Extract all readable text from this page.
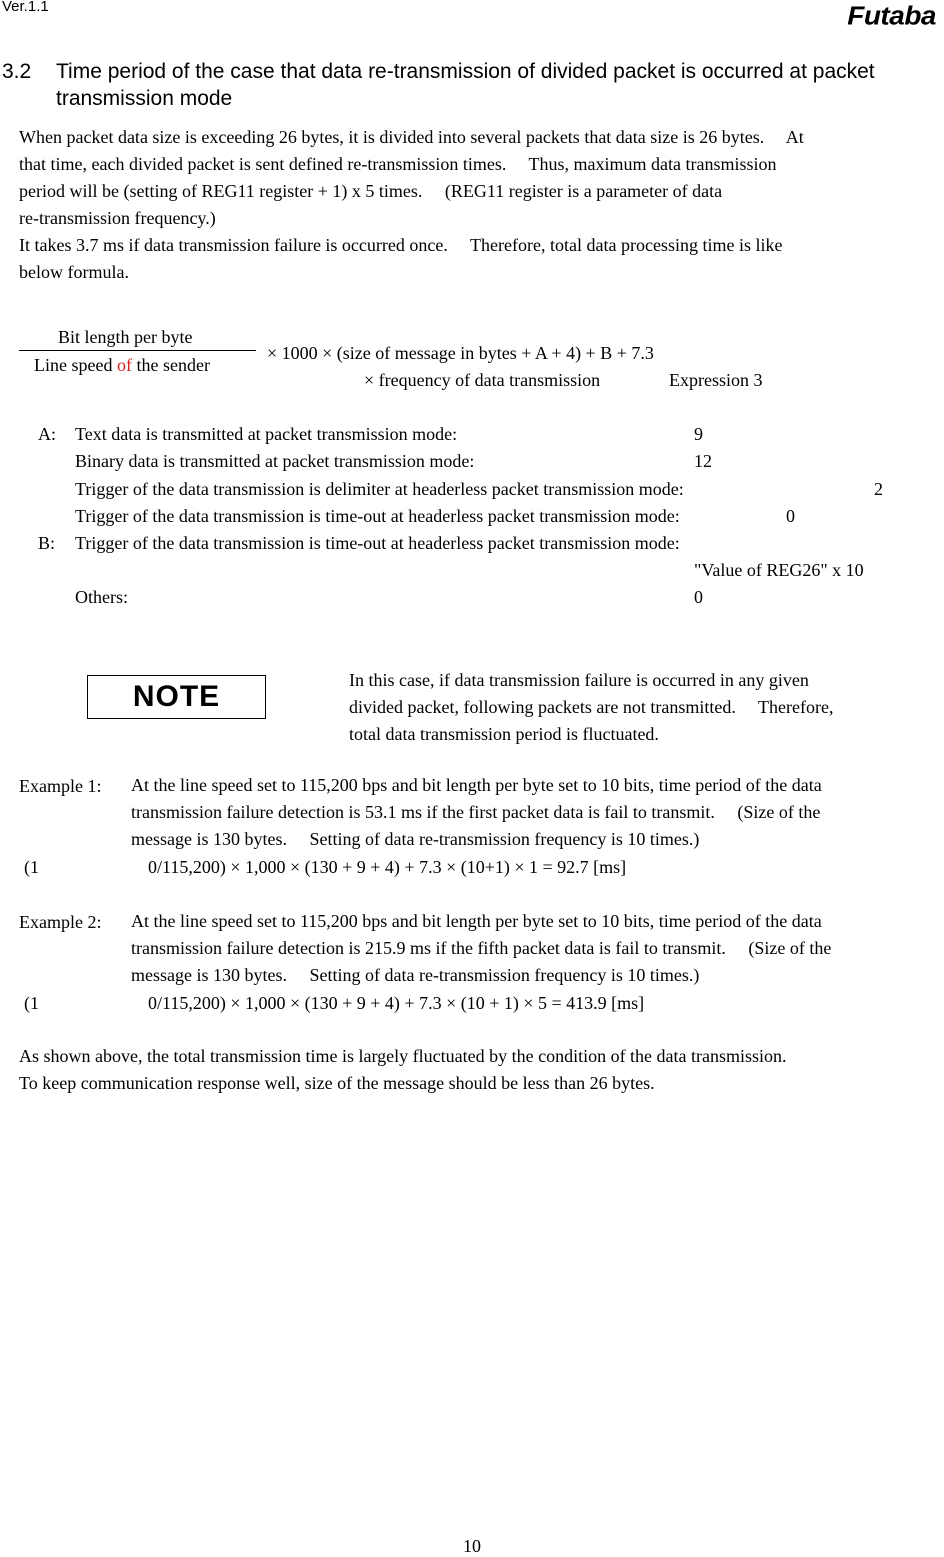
Ver.1.1	Futaba
3.2 Time period of the case that data re-transmission of divided packet is occurred at packet
transmission mode
When packet data size is exceeding 26 bytes, it is divided into several packets that data size is 26 bytes.  At
that time, each divided packet is sent defined re-transmission times.  Thus, maximum data transmission
period will be (setting of REG11 register + 1) x 5 times.  (REG11 register is a parameter of data
re-transmission frequency.)
It takes 3.7 ms if data transmission failure is occurred once.  Therefore, total data processing time is like
below formula.
Bit length per byte
Line speed of the sender
× 1000 × (size of message in bytes + A + 4) + B + 7.3
× frequency of data transmission	Expression 3
A: Text data is transmitted at packet transmission mode:	9
Binary data is transmitted at packet transmission mode:	12
Trigger of the data transmission is delimiter at headerless packet transmission mode:	2
Trigger of the data transmission is time-out at headerless packet transmission mode:	0
B: Trigger of the data transmission is time-out at headerless packet transmission mode:
"Value of REG26" x 10
Others:	0
NOTE	In this case, if data transmission failure is occurred in any given
divided packet, following packets are not transmitted.  Therefore,
total data transmission period is fluctuated.
Example 1: At the line speed set to 115,200 bps and bit length per byte set to 10 bits, time period of the data
transmission failure detection is 53.1 ms if the first packet data is fail to transmit.  (Size of the
message is 130 bytes.  Setting of data re-transmission frequency is 10 times.)
(1	0/115,200) × 1,000 × (130 + 9 + 4) + 7.3 × (10+1) × 1 = 92.7 [ms]
Example 2: At the line speed set to 115,200 bps and bit length per byte set to 10 bits, time period of the data
transmission failure detection is 215.9 ms if the fifth packet data is fail to transmit.  (Size of the
message is 130 bytes.  Setting of data re-transmission frequency is 10 times.)
(1	0/115,200) × 1,000 × (130 + 9 + 4) + 7.3 × (10 + 1) × 5 = 413.9 [ms]
As shown above, the total transmission time is largely fluctuated by the condition of the data transmission.
To keep communication response well, size of the message should be less than 26 bytes.
10
